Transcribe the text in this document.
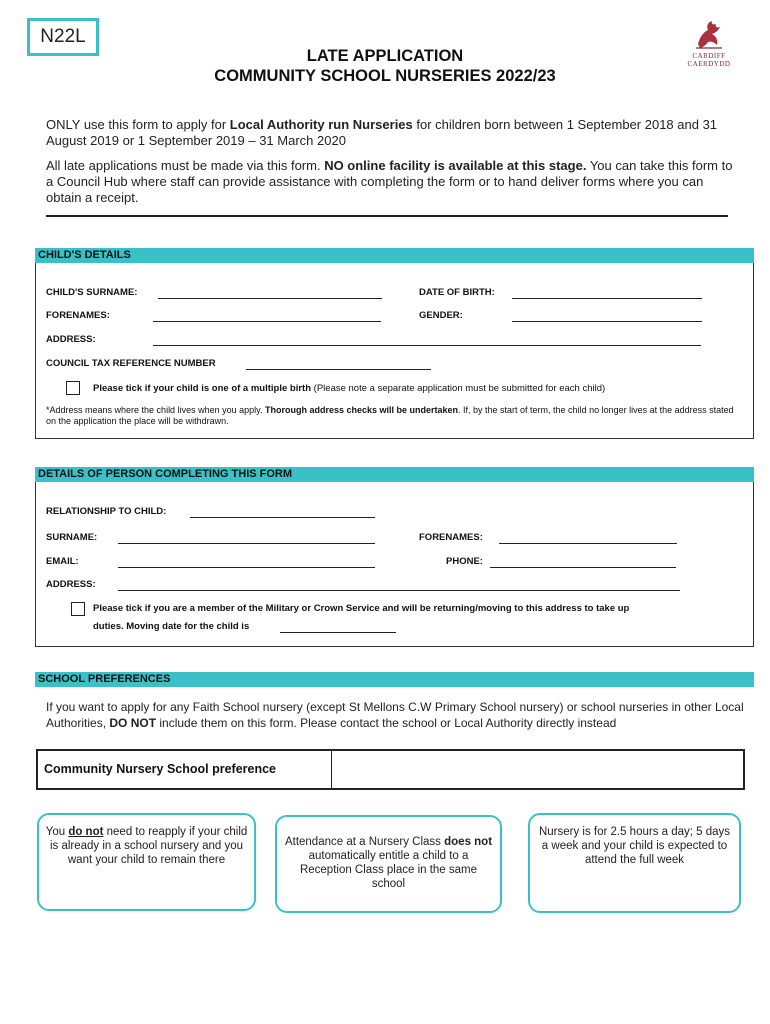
N22L
CARDIFF
CAERDYDD
LATE APPLICATION
COMMUNITY SCHOOL NURSERIES 2022/23
ONLY use this form to apply for Local Authority run Nurseries for children born between 1 September 2018 and 31 August 2019 or 1 September 2019 – 31 March 2020
All late applications must be made via this form. NO online facility is available at this stage. You can take this form to a Council Hub where staff can provide assistance with completing the form or to hand deliver forms where you can obtain a receipt.
CHILD'S DETAILS
CHILD'S SURNAME:	DATE OF BIRTH:
FORENAMES:	GENDER:
ADDRESS:
COUNCIL TAX REFERENCE NUMBER
Please tick if your child is one of a multiple birth (Please note a separate application must be submitted for each child)
*Address means where the child lives when you apply. Thorough address checks will be undertaken. If, by the start of term, the child no longer lives at the address stated on the application the place will be withdrawn.
DETAILS OF PERSON COMPLETING THIS FORM
RELATIONSHIP TO CHILD:
SURNAME:	FORENAMES:
EMAIL:	PHONE:
ADDRESS:
Please tick if you are a member of the Military or Crown Service and will be returning/moving to this address to take up
duties. Moving date for the child is
SCHOOL PREFERENCES
If you want to apply for any Faith School nursery (except St Mellons C.W Primary School nursery) or school nurseries in other Local Authorities, DO NOT include them on this form. Please contact the school or Local Authority directly instead
Community Nursery School preference
You do not need to reapply if your child is already in a school nursery and you want your child to remain there
Attendance at a Nursery Class does not automatically entitle a child to a Reception Class place in the same school
Nursery is for 2.5 hours a day; 5 days a week and your child is expected to attend the full week
